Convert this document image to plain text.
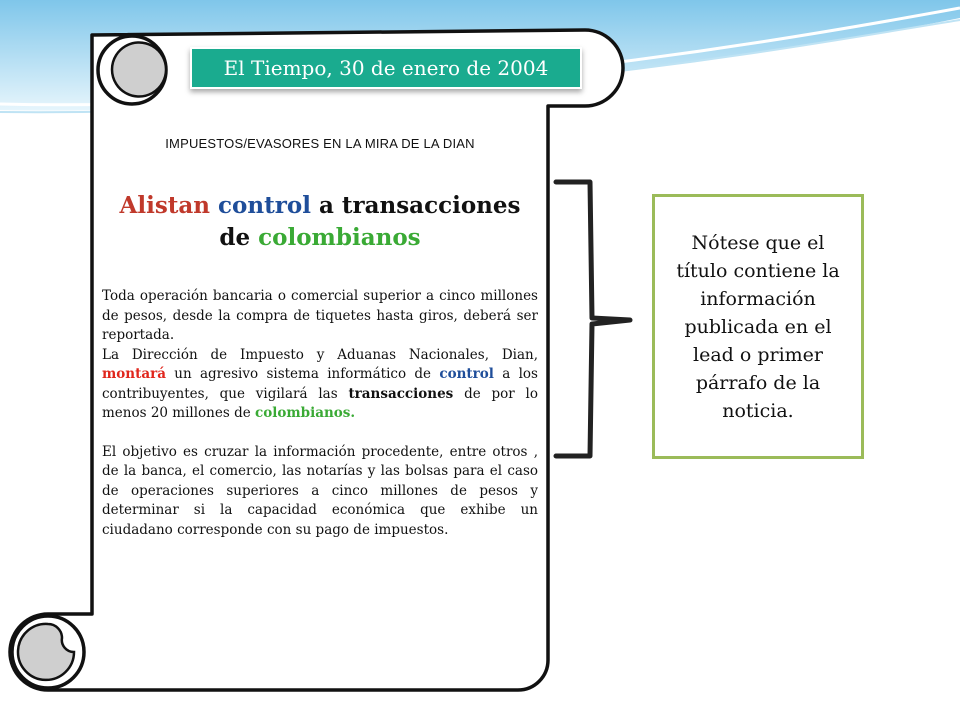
El Tiempo, 30 de enero de 2004
IMPUESTOS/EVASORES EN LA MIRA DE LA DIAN
Alistan control a transacciones
de colombianos

Toda operación bancaria o comercial superior a cinco millones de pesos, desde la compra de tiquetes hasta giros, deberá ser reportada.

La Dirección de Impuesto y Aduanas Nacionales, Dian, montará un agresivo sistema informático de control a los contribuyentes, que vigilará las transacciones de por lo menos 20 millones de colombianos.

El objetivo es cruzar la información procedente, entre otros , de la banca, el comercio, las notarías y las bolsas para el caso de operaciones superiores a cinco millones de pesos y determinar si la capacidad económica que exhibe un ciudadano corresponde con su pago de impuestos.

Nótese que el título contiene la información publicada en el lead o primer párrafo de la noticia.
